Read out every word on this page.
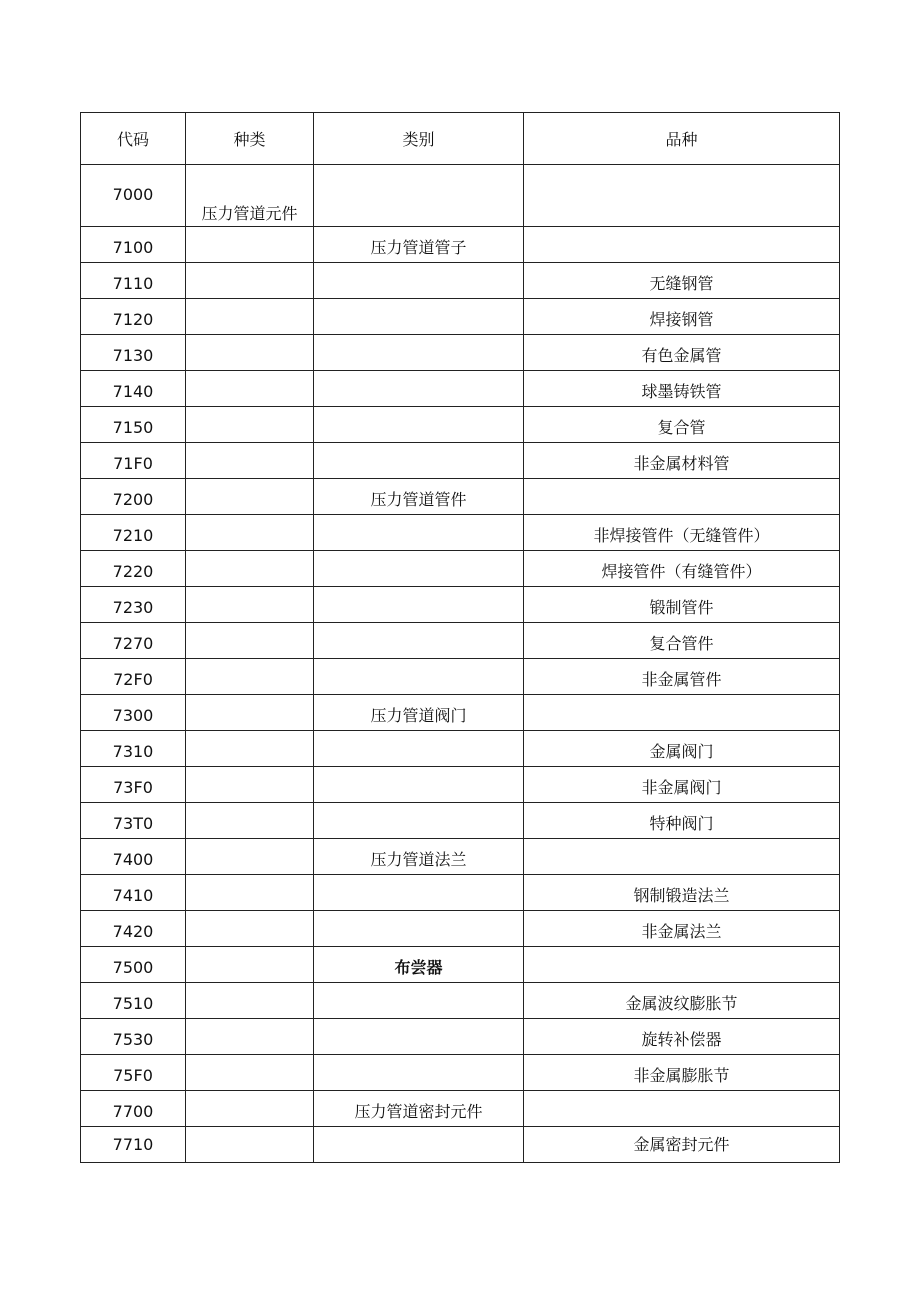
代码	种类	类别	品种
7000	压力管道元件		
7100		压力管道管子	
7110			无缝钢管
7120			焊接钢管
7130			有色金属管
7140			球墨铸铁管
7150			复合管
71F0			非金属材料管
7200		压力管道管件	
7210			非焊接管件（无缝管件）
7220			焊接管件（有缝管件）
7230			锻制管件
7270			复合管件
72F0			非金属管件
7300		压力管道阀门	
7310			金属阀门
73F0			非金属阀门
73T0			特种阀门
7400		压力管道法兰	
7410			钢制锻造法兰
7420			非金属法兰
7500		布尝器	
7510			金属波纹膨胀节
7530			旋转补偿器
75F0			非金属膨胀节
7700		压力管道密封元件	
7710			金属密封元件
